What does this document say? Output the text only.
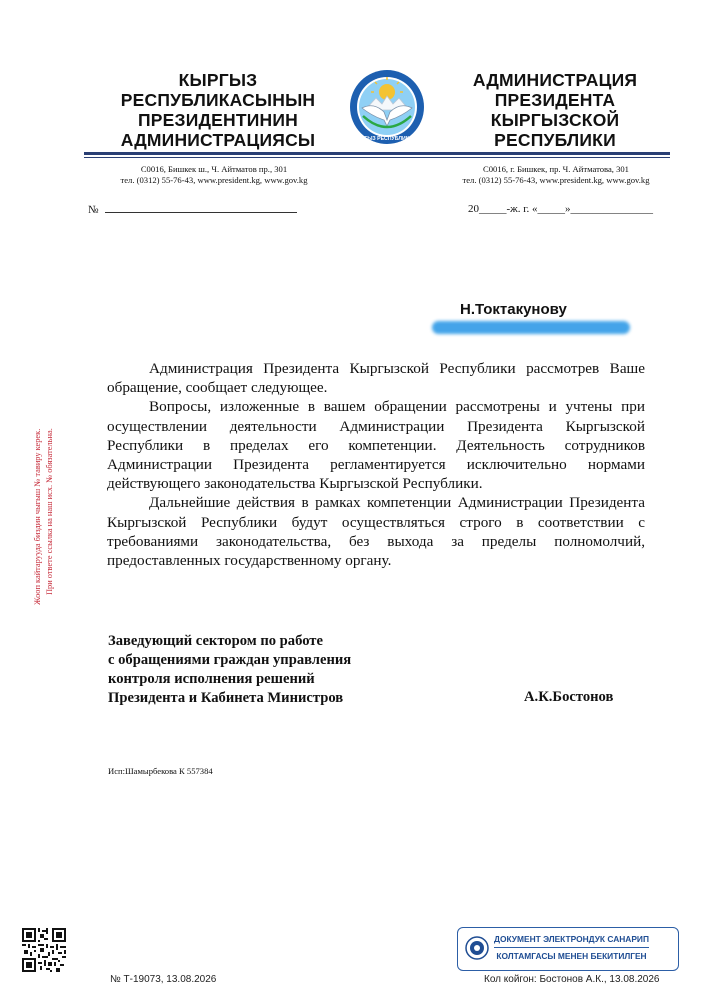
КЫРГЫЗ
РЕСПУБЛИКАСЫНЫН
ПРЕЗИДЕНТИНИН
АДМИНИСТРАЦИЯСЫ
АДМИНИСТРАЦИЯ
ПРЕЗИДЕНТА
КЫРГЫЗСКОЙ
РЕСПУБЛИКИ
КЫРГЫЗ РЕСПУБЛИКАСЫ
С0016, Бишкек ш., Ч. Айтматов пр., 301
тел. (0312) 55-76-43, www.president.kg, www.gov.kg
С0016, г. Бишкек, пр. Ч. Айтматова, 301
тел. (0312) 55-76-43, www.president.kg, www.gov.kg
№	20_____-ж. г. «_____»_______________
Н.Токтакунову
Жооп кайтарууда биздин чыгыш № тавиру керек. При ответе ссылка на наш исх. № обязательна.

Администрация Президента Кыргызской Республики рассмотрев Ваше обращение, сообщает следующее.

Вопросы, изложенные в вашем обращении рассмотрены и учтены при осуществлении деятельности Администрации Президента Кыргызской Республики в пределах его компетенции. Деятельность сотрудников Администрации Президента регламентируется исключительно нормами действующего законодательства Кыргызской Республики.

Дальнейшие действия в рамках компетенции Администрации Президента Кыргызской Республики будут осуществляться строго в соответствии с требованиями законодательства, без выхода за пределы полномолчий, предоставленных государственному органу.

Заведующий сектором по работе
с обращениями граждан управления
контроля исполнения решений
Президента и Кабинета Министров	А.К.Бостонов
Исп:Шамырбекова К 557384
ДОКУМЕНТ ЭЛЕКТРОНДУК САНАРИП
КОЛТАМГАСЫ МЕНЕН БЕКИТИЛГЕН
№ Т-19073, 13.08.2026	Кол койгон: Бостонов А.К., 13.08.2026
